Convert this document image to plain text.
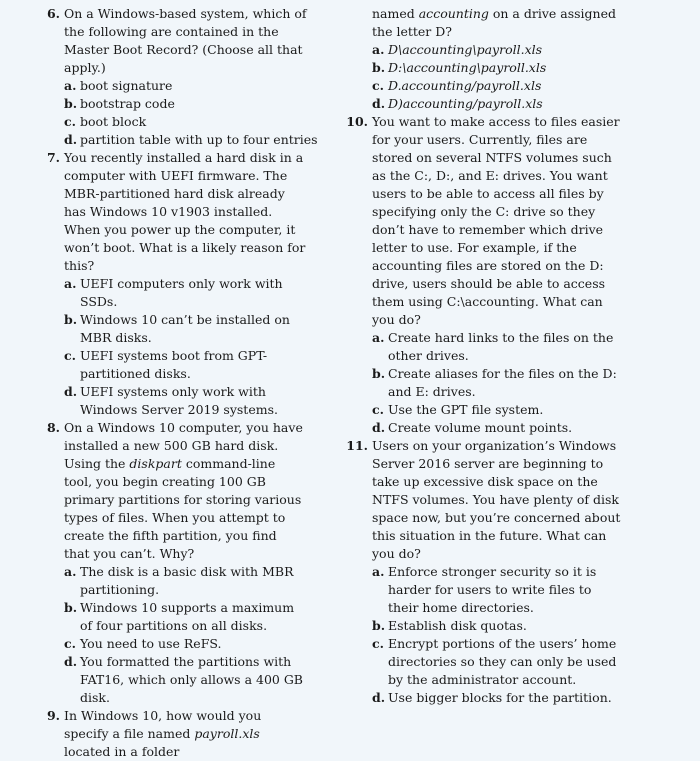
6. On a Windows-based system, which of the following are contained in the Master Boot Record? (Choose all that apply.)
a. boot signature
b. bootstrap code
c. boot block
d. partition table with up to four entries
7. You recently installed a hard disk in a computer with UEFI firmware. The MBR-partitioned hard disk already has Windows 10 v1903 installed. When you power up the computer, it won’t boot. What is a likely reason for this?
a. UEFI computers only work with SSDs.
b. Windows 10 can’t be installed on MBR disks.
c. UEFI systems boot from GPT-partitioned disks.
d. UEFI systems only work with Windows Server 2019 systems.
8. On a Windows 10 computer, you have installed a new 500 GB hard disk. Using the diskpart command-line tool, you begin creating 100 GB primary partitions for storing various types of files. When you attempt to create the fifth partition, you find that you can’t. Why?
a. The disk is a basic disk with MBR partitioning.
b. Windows 10 supports a maximum of four partitions on all disks.
c. You need to use ReFS.
d. You formatted the partitions with FAT16, which only allows a 400 GB disk.
9. In Windows 10, how would you specify a file named payroll.xls located in a folder
named accounting on a drive assigned the letter D?
a. D\accounting\payroll.xls
b. D:\accounting\payroll.xls
c. D.accounting/payroll.xls
d. D)accounting/payroll.xls
10. You want to make access to files easier for your users. Currently, files are stored on several NTFS volumes such as the C:, D:, and E: drives. You want users to be able to access all files by specifying only the C: drive so they don’t have to remember which drive letter to use. For example, if the accounting files are stored on the D: drive, users should be able to access them using C:\accounting. What can you do?
a. Create hard links to the files on the other drives.
b. Create aliases for the files on the D: and E: drives.
c. Use the GPT file system.
d. Create volume mount points.
11. Users on your organization’s Windows Server 2016 server are beginning to take up excessive disk space on the NTFS volumes. You have plenty of disk space now, but you’re concerned about this situation in the future. What can you do?
a. Enforce stronger security so it is harder for users to write files to their home directories.
b. Establish disk quotas.
c. Encrypt portions of the users’ home directories so they can only be used by the administrator account.
d. Use bigger blocks for the partition.
